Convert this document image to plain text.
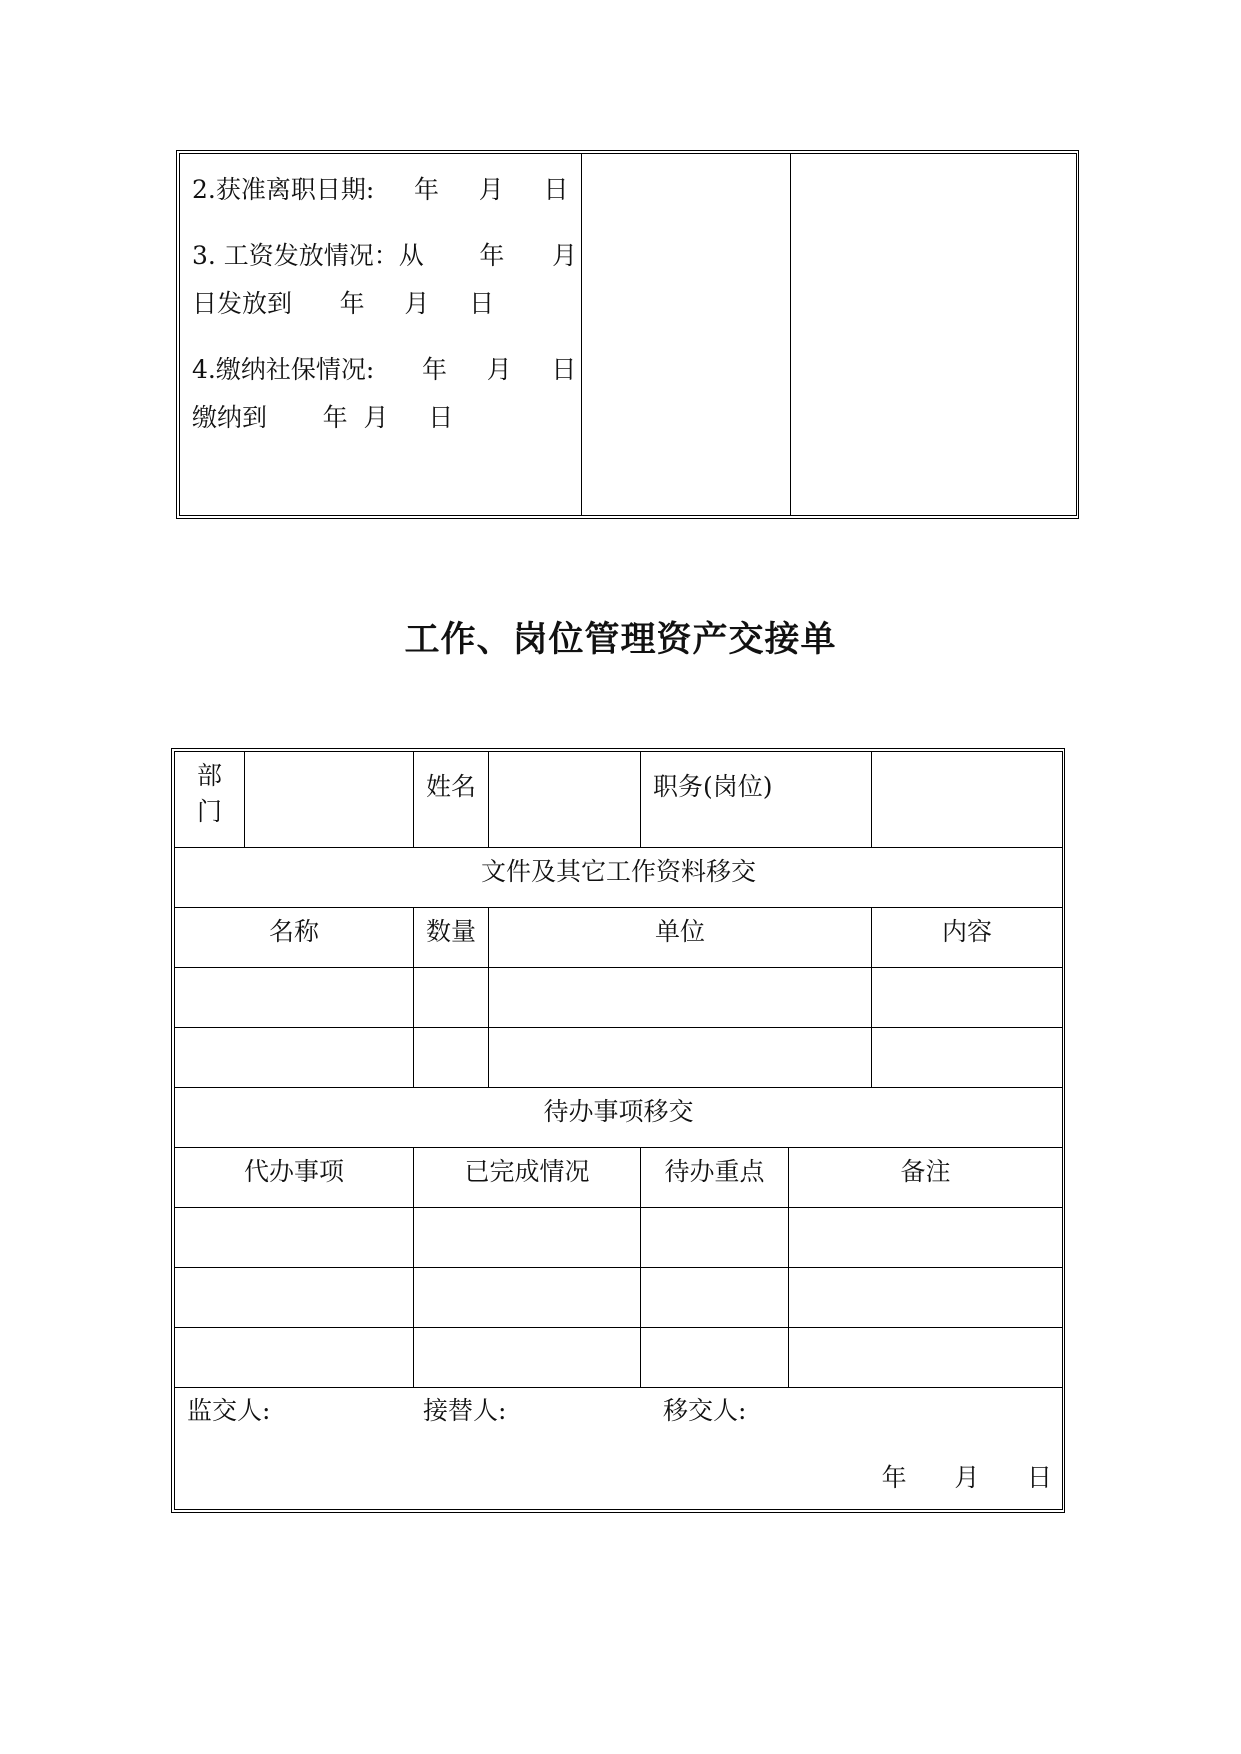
2.获准离职日期:     年     月     日

3. 工资发放情况：从       年      月

日发放到      年     月     日

4.缴纳社保情况:      年     月     日

缴纳到       年  月     日

工作、岗位管理资产交接单
部门		姓名		职务(岗位)		
文件及其它工作资料移交						
名称		数量	单位			内容

待办事项移交						
代办事项		已完成情况		待办重点	备注	

监交人: 接替人: 移交人:
年      月      日						
